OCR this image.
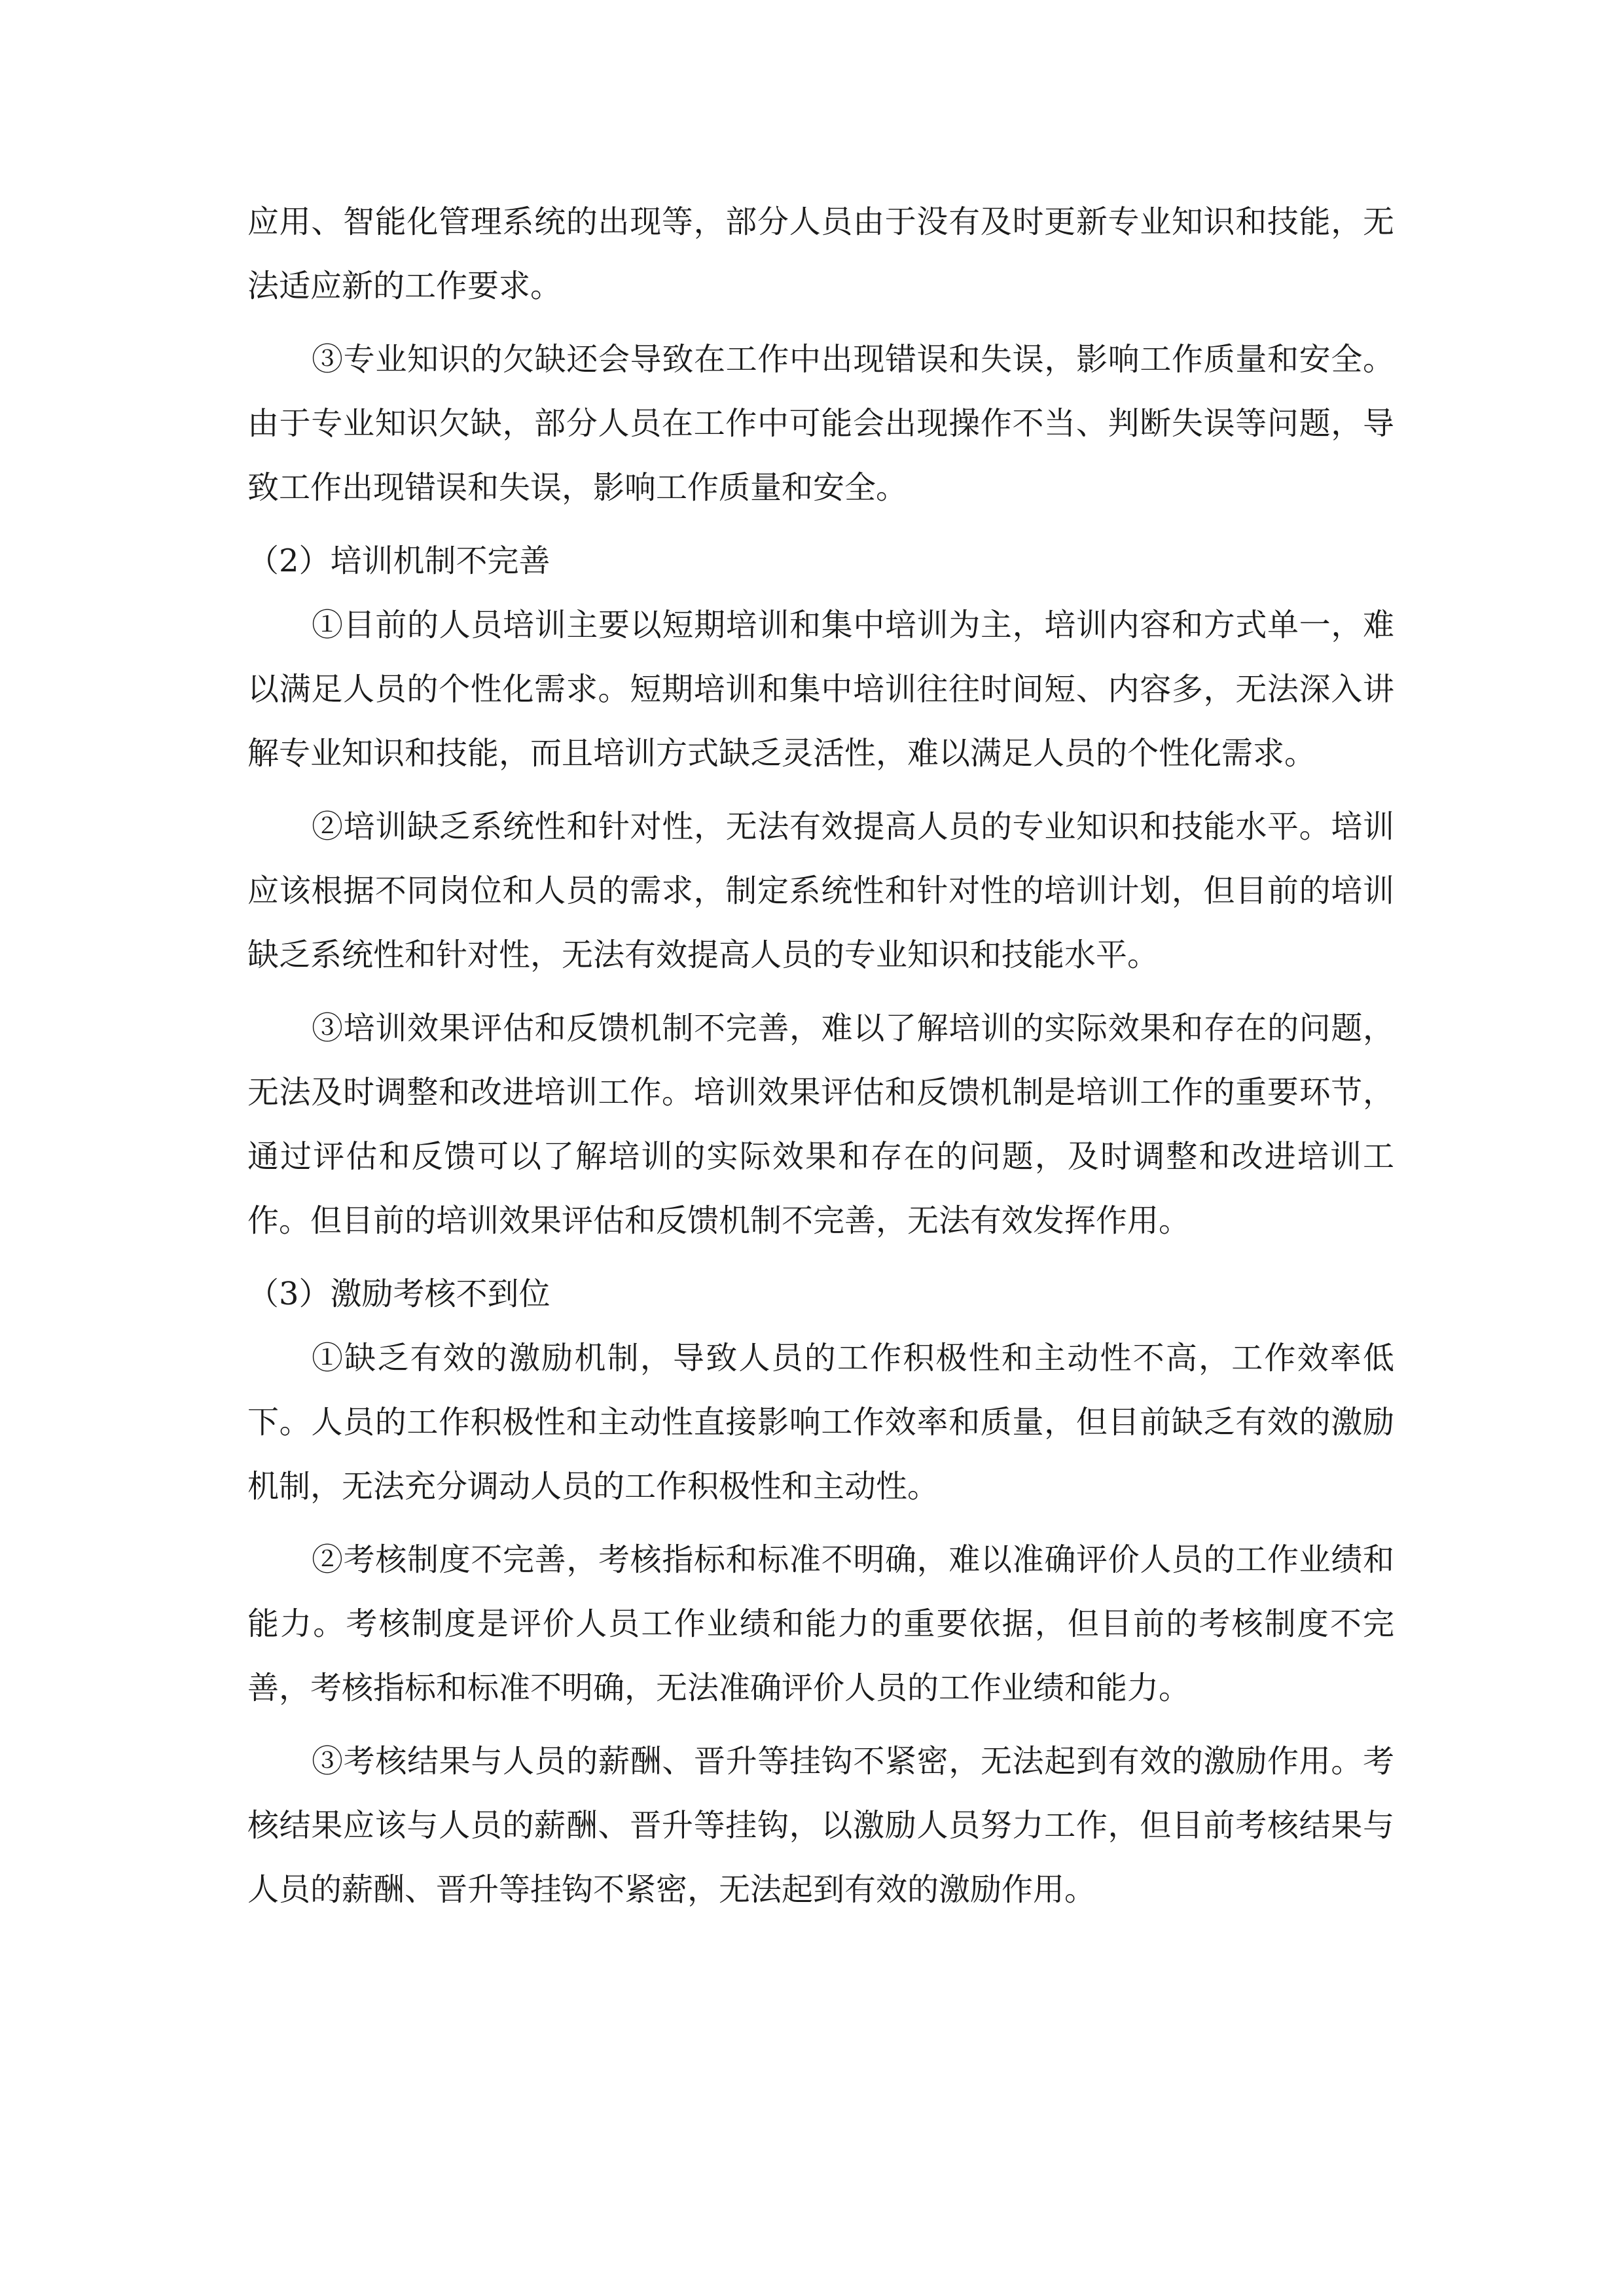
应用、智能化管理系统的出现等，部分人员由于没有及时更新专业知识和技能，无法适应新的工作要求。

③专业知识的欠缺还会导致在工作中出现错误和失误，影响工作质量和安全。由于专业知识欠缺，部分人员在工作中可能会出现操作不当、判断失误等问题，导致工作出现错误和失误，影响工作质量和安全。

（2）培训机制不完善

①目前的人员培训主要以短期培训和集中培训为主，培训内容和方式单一，难以满足人员的个性化需求。短期培训和集中培训往往时间短、内容多，无法深入讲解专业知识和技能，而且培训方式缺乏灵活性，难以满足人员的个性化需求。

②培训缺乏系统性和针对性，无法有效提高人员的专业知识和技能水平。培训应该根据不同岗位和人员的需求，制定系统性和针对性的培训计划，但目前的培训缺乏系统性和针对性，无法有效提高人员的专业知识和技能水平。

③培训效果评估和反馈机制不完善，难以了解培训的实际效果和存在的问题，无法及时调整和改进培训工作。培训效果评估和反馈机制是培训工作的重要环节，通过评估和反馈可以了解培训的实际效果和存在的问题，及时调整和改进培训工作。但目前的培训效果评估和反馈机制不完善，无法有效发挥作用。

（3）激励考核不到位

①缺乏有效的激励机制，导致人员的工作积极性和主动性不高，工作效率低下。人员的工作积极性和主动性直接影响工作效率和质量，但目前缺乏有效的激励机制，无法充分调动人员的工作积极性和主动性。

②考核制度不完善，考核指标和标准不明确，难以准确评价人员的工作业绩和能力。考核制度是评价人员工作业绩和能力的重要依据，但目前的考核制度不完善，考核指标和标准不明确，无法准确评价人员的工作业绩和能力。

③考核结果与人员的薪酬、晋升等挂钩不紧密，无法起到有效的激励作用。考核结果应该与人员的薪酬、晋升等挂钩，以激励人员努力工作，但目前考核结果与人员的薪酬、晋升等挂钩不紧密，无法起到有效的激励作用。
